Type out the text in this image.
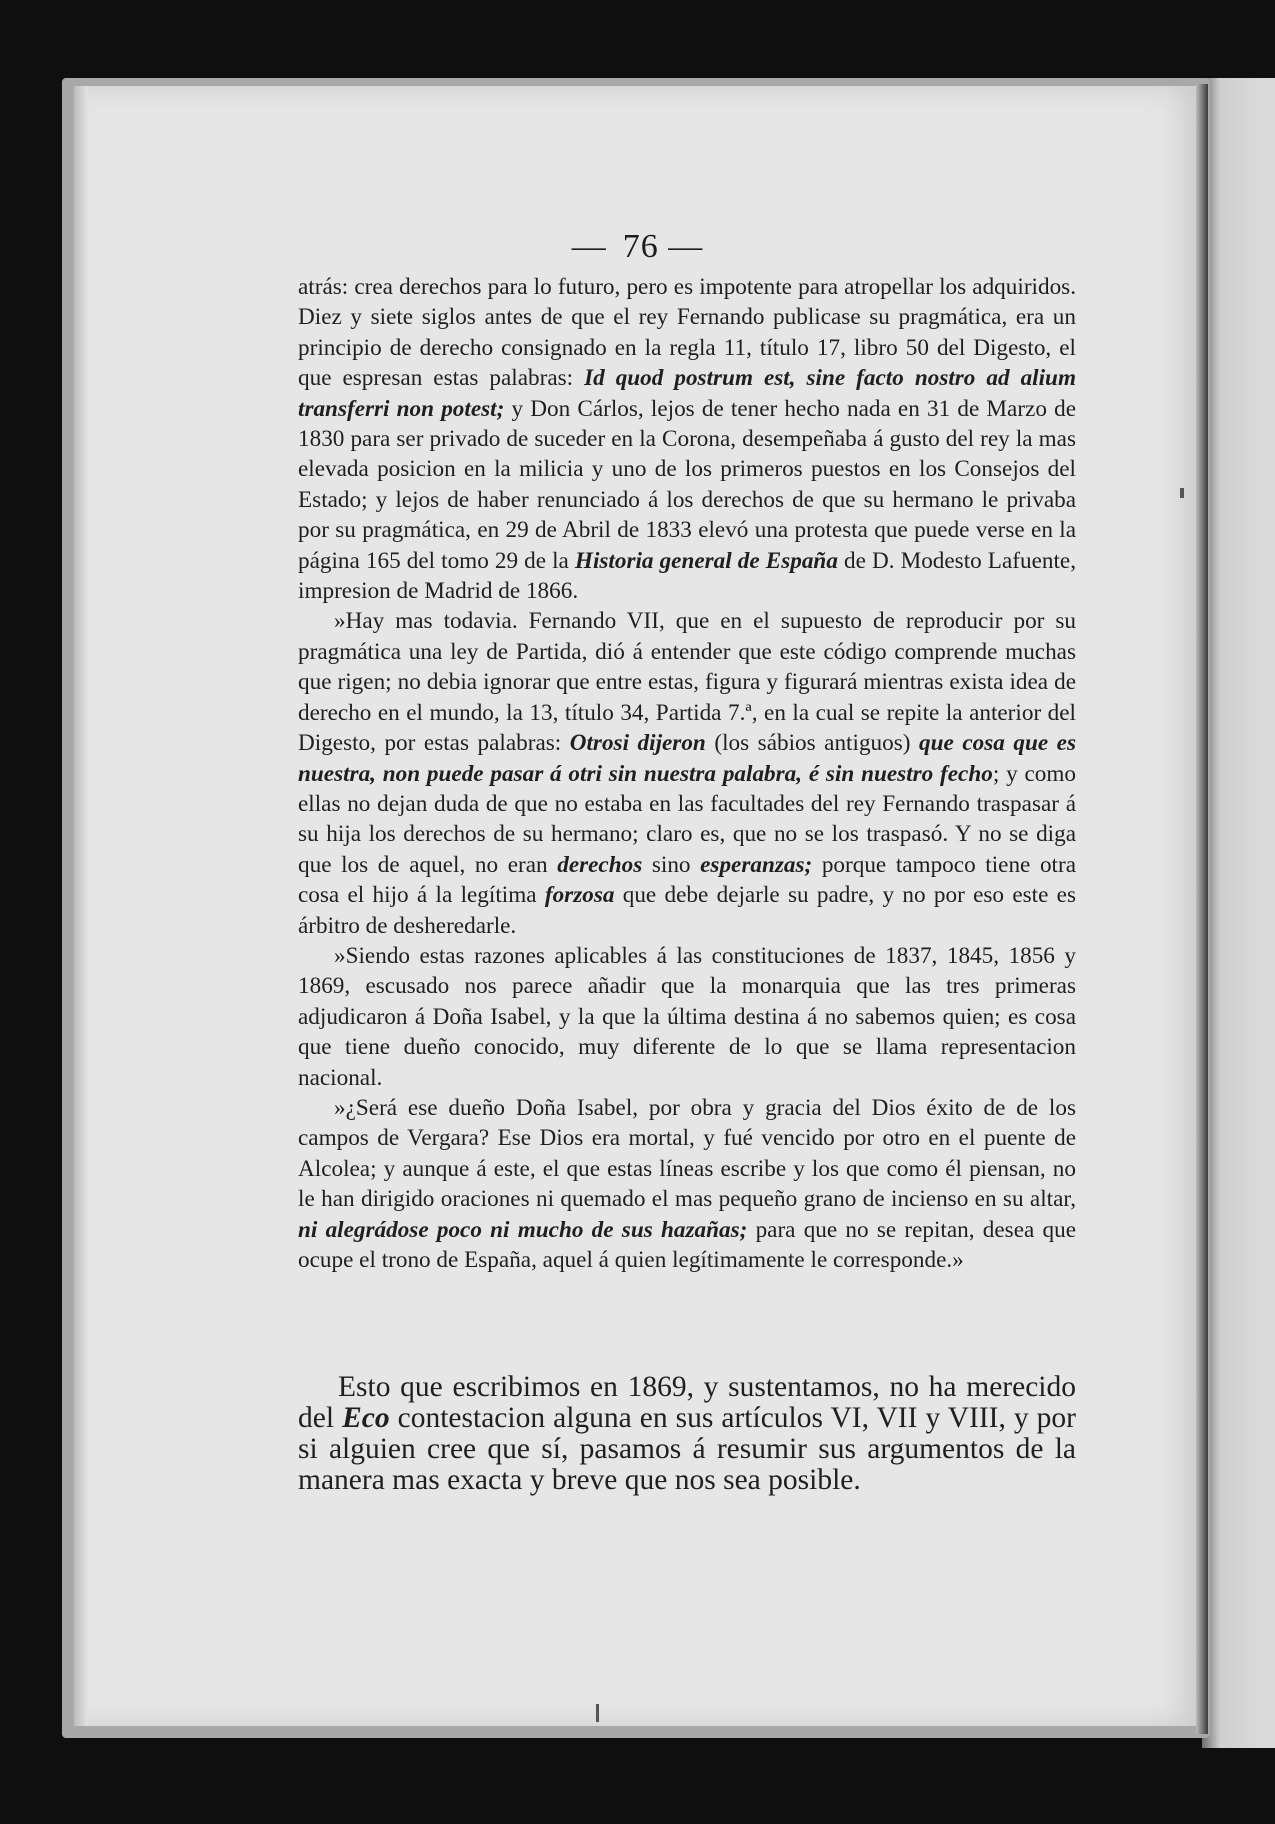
— 76 —

atrás: crea derechos para lo futuro, pero es impotente para atropellar los adquiridos. Diez y siete siglos antes de que el rey Fernando publicase su pragmática, era un principio de derecho consignado en la regla 11, título 17, libro 50 del Digesto, el que espresan estas palabras: Id quod postrum est, sine facto nostro ad alium transferri non potest; y Don Cárlos, lejos de tener hecho nada en 31 de Marzo de 1830 para ser privado de suceder en la Corona, desempeñaba á gusto del rey la mas elevada posicion en la milicia y uno de los primeros puestos en los Consejos del Estado; y lejos de haber renunciado á los derechos de que su hermano le privaba por su pragmática, en 29 de Abril de 1833 elevó una protesta que puede verse en la página 165 del tomo 29 de la Historia general de España de D. Modesto Lafuente, impresion de Madrid de 1866.

»Hay mas todavia. Fernando VII, que en el supuesto de reproducir por su pragmática una ley de Partida, dió á entender que este código comprende muchas que rigen; no debia ignorar que entre estas, figura y figurará mientras exista idea de derecho en el mundo, la 13, título 34, Partida 7.ª, en la cual se repite la anterior del Digesto, por estas palabras: Otrosi dijeron (los sábios antiguos) que cosa que es nuestra, non puede pasar á otri sin nuestra palabra, é sin nuestro fecho; y como ellas no dejan duda de que no estaba en las facultades del rey Fernando traspasar á su hija los derechos de su hermano; claro es, que no se los traspasó. Y no se diga que los de aquel, no eran derechos sino esperanzas; porque tampoco tiene otra cosa el hijo á la legítima forzosa que debe dejarle su padre, y no por eso este es árbitro de desheredarle.

»Siendo estas razones aplicables á las constituciones de 1837, 1845, 1856 y 1869, escusado nos parece añadir que la monarquia que las tres primeras adjudicaron á Doña Isabel, y la que la última destina á no sabemos quien; es cosa que tiene dueño conocido, muy diferente de lo que se llama representacion nacional.

»¿Será ese dueño Doña Isabel, por obra y gracia del Dios éxito de de los campos de Vergara? Ese Dios era mortal, y fué vencido por otro en el puente de Alcolea; y aunque á este, el que estas líneas escribe y los que como él piensan, no le han dirigido oraciones ni quemado el mas pequeño grano de incienso en su altar, ni alegrádose poco ni mucho de sus hazañas; para que no se repitan, desea que ocupe el trono de España, aquel á quien legítimamente le corresponde.»

Esto que escribimos en 1869, y sustentamos, no ha merecido del Eco contestacion alguna en sus artículos VI, VII y VIII, y por si alguien cree que sí, pasamos á resumir sus argumentos de la manera mas exacta y breve que nos sea posible.
